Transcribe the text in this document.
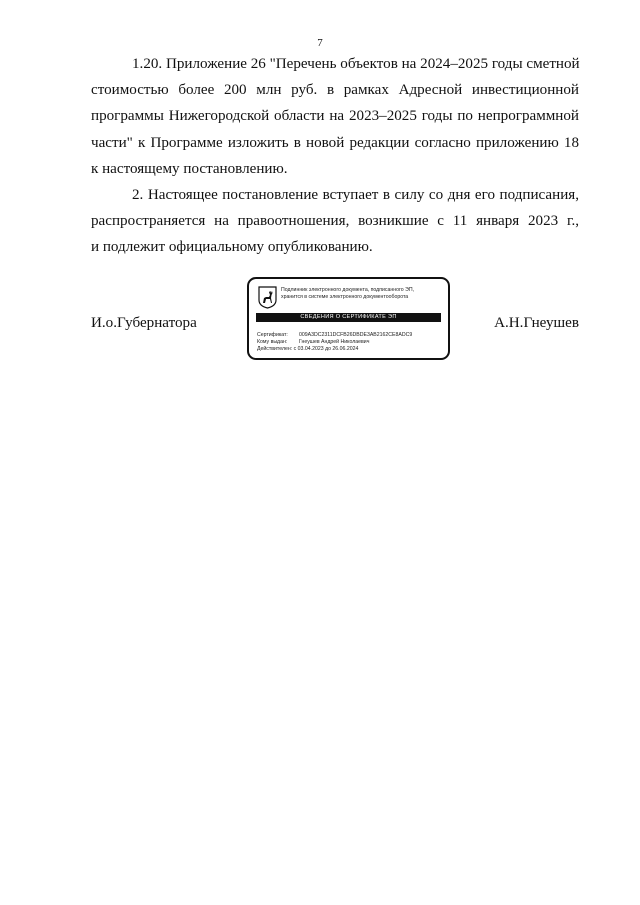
7

1.20. Приложение 26 "Перечень объектов на 2024–2025 годы сметной
стоимостью более 200 млн руб. в рамках Адресной инвестиционной
программы Нижегородской области на 2023–2025 годы по непрограммной
части" к Программе изложить в новой редакции согласно приложению 18
к настоящему постановлению.

2. Настоящее постановление вступает в силу со дня его подписания,
распространяется на правоотношения, возникшие с 11 января 2023 г.,
и подлежит официальному опубликованию.

И.о.Губернатора
Подлинник электронного документа, подписанного ЭП,
хранится в системе электронного документооборота
СВЕДЕНИЯ О СЕРТИФИКАТЕ ЭП
Сертификат: 009A3DC2311DCFB26DBDE3AB2162CE8ADC9
Кому выдан: Гнеушев Андрей Николаевич
Действителен: с 03.04.2023 до 26.06.2024
А.Н.Гнеушев
